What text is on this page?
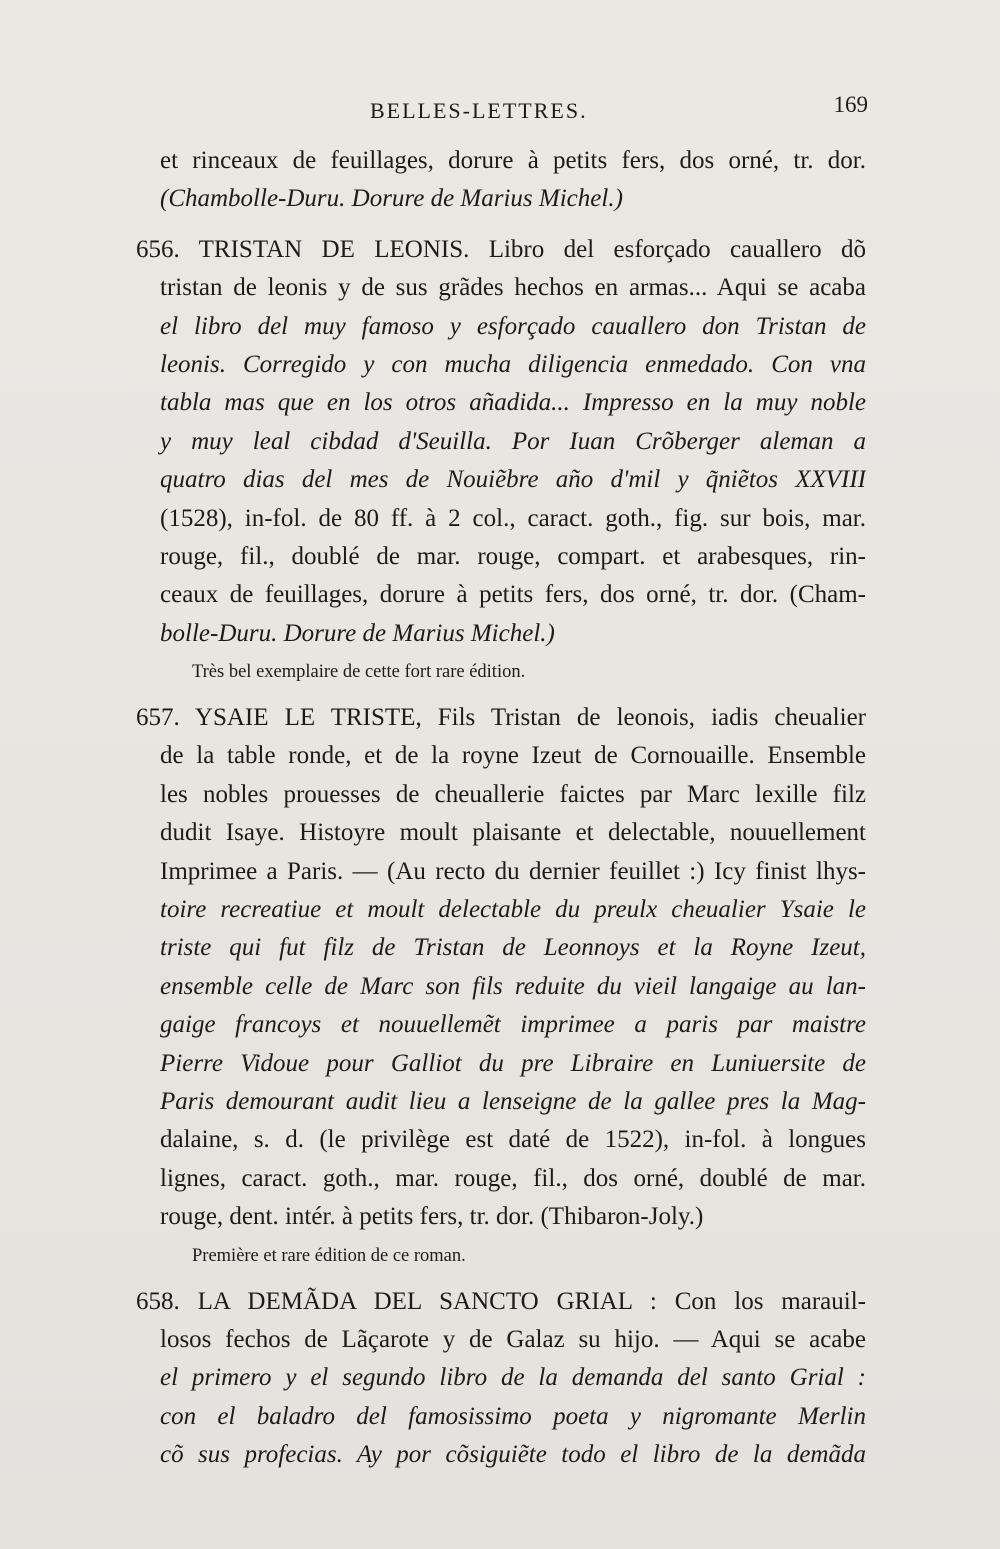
BELLES-LETTRES.	169
et rinceaux de feuillages, dorure à petits fers, dos orné, tr. dor.
(Chambolle-Duru. Dorure de Marius Michel.)
656. TRISTAN DE LEONIS. Libro del esforçado cauallero dõ
tristan de leonis y de sus grãdes hechos en armas... Aqui se acaba
el libro del muy famoso y esforçado cauallero don Tristan de
leonis. Corregido y con mucha diligencia enmedado. Con vna
tabla mas que en los otros añadida... Impresso en la muy noble
y muy leal cibdad d'Seuilla. Por Iuan Crõberger aleman a
quatro dias del mes de Nouiẽbre año d'mil y q̃niẽtos XXVIII
(1528), in-fol. de 80 ff. à 2 col., caract. goth., fig. sur bois, mar.
rouge, fil., doublé de mar. rouge, compart. et arabesques, rin-
ceaux de feuillages, dorure à petits fers, dos orné, tr. dor. (Cham-
bolle-Duru. Dorure de Marius Michel.)
Très bel exemplaire de cette fort rare édition.
657. YSAIE LE TRISTE, Fils Tristan de leonois, iadis cheualier
de la table ronde, et de la royne Izeut de Cornouaille. Ensemble
les nobles prouesses de cheuallerie faictes par Marc lexille filz
dudit Isaye. Histoyre moult plaisante et delectable, nouuellement
Imprimee a Paris. — (Au recto du dernier feuillet :) Icy finist lhys-
toire recreatiue et moult delectable du preulx cheualier Ysaie le
triste qui fut filz de Tristan de Leonnoys et la Royne Izeut,
ensemble celle de Marc son fils reduite du vieil langaige au lan-
gaige francoys et nouuellemẽt imprimee a paris par maistre
Pierre Vidoue pour Galliot du pre Libraire en Luniuersite de
Paris demourant audit lieu a lenseigne de la gallee pres la Mag-
dalaine, s. d. (le privilège est daté de 1522), in-fol. à longues
lignes, caract. goth., mar. rouge, fil., dos orné, doublé de mar.
rouge, dent. intér. à petits fers, tr. dor. (Thibaron-Joly.)
Première et rare édition de ce roman.
658. LA DEMÃDA DEL SANCTO GRIAL : Con los marauil-
losos fechos de Lãçarote y de Galaz su hijo. — Aqui se acabe
el primero y el segundo libro de la demanda del santo Grial :
con el baladro del famosissimo poeta y nigromante Merlin
cõ sus profecias. Ay por cõsiguiẽte todo el libro de la demãda
